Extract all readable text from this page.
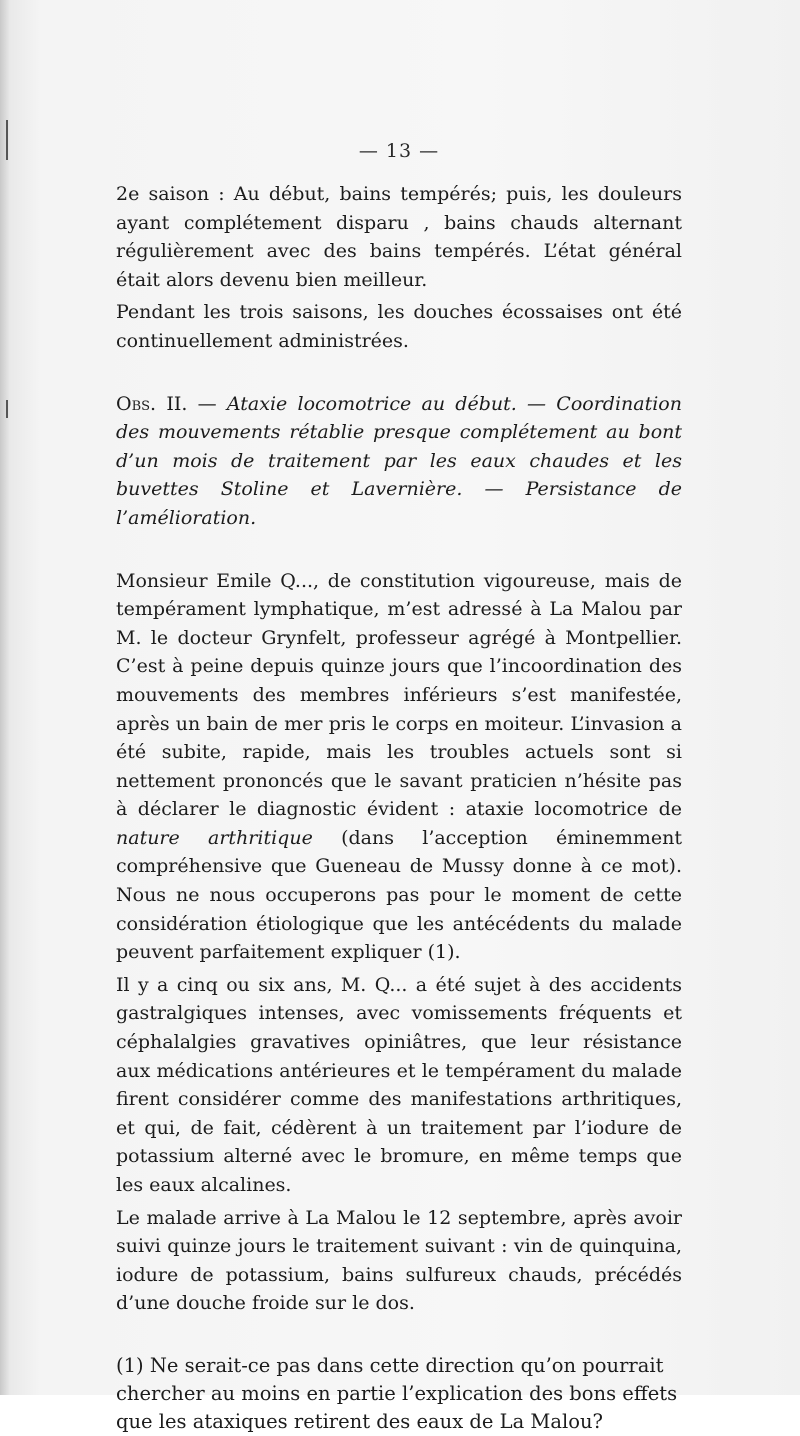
— 13 —

2e saison : Au début, bains tempérés; puis, les douleurs ayant complétement disparu , bains chauds alternant régulièrement avec des bains tempérés. L’état général était alors devenu bien meilleur.

Pendant les trois saisons, les douches écossaises ont été continuellement administrées.

Obs. II. — Ataxie locomotrice au début. — Coordination des mouvements rétablie presque complétement au bont d’un mois de traitement par les eaux chaudes et les buvettes Stoline et Lavernière. — Persistance de l’amélioration.

Monsieur Emile Q..., de constitution vigoureuse, mais de tempérament lymphatique, m’est adressé à La Malou par M. le docteur Grynfelt, professeur agrégé à Montpellier. C’est à peine depuis quinze jours que l’incoordination des mouvements des membres inférieurs s’est manifestée, après un bain de mer pris le corps en moiteur. L’invasion a été subite, rapide, mais les troubles actuels sont si nettement prononcés que le savant praticien n’hésite pas à déclarer le diagnostic évident : ataxie locomotrice de nature arthritique (dans l’acception éminemment compréhensive que Gueneau de Mussy donne à ce mot). Nous ne nous occuperons pas pour le moment de cette considération étiologique que les antécédents du malade peuvent parfaitement expliquer (1).

Il y a cinq ou six ans, M. Q... a été sujet à des accidents gastralgiques intenses, avec vomissements fréquents et céphalalgies gravatives opiniâtres, que leur résistance aux médications antérieures et le tempérament du malade firent considérer comme des manifestations arthritiques, et qui, de fait, cédèrent à un traitement par l’iodure de potassium alterné avec le bromure, en même temps que les eaux alcalines.

Le malade arrive à La Malou le 12 septembre, après avoir suivi quinze jours le traitement suivant : vin de quinquina, iodure de potassium, bains sulfureux chauds, précédés d’une douche froide sur le dos.

(1) Ne serait-ce pas dans cette direction qu’on pourrait chercher au moins en partie l’explication des bons effets que les ataxiques retirent des eaux de La Malou?
